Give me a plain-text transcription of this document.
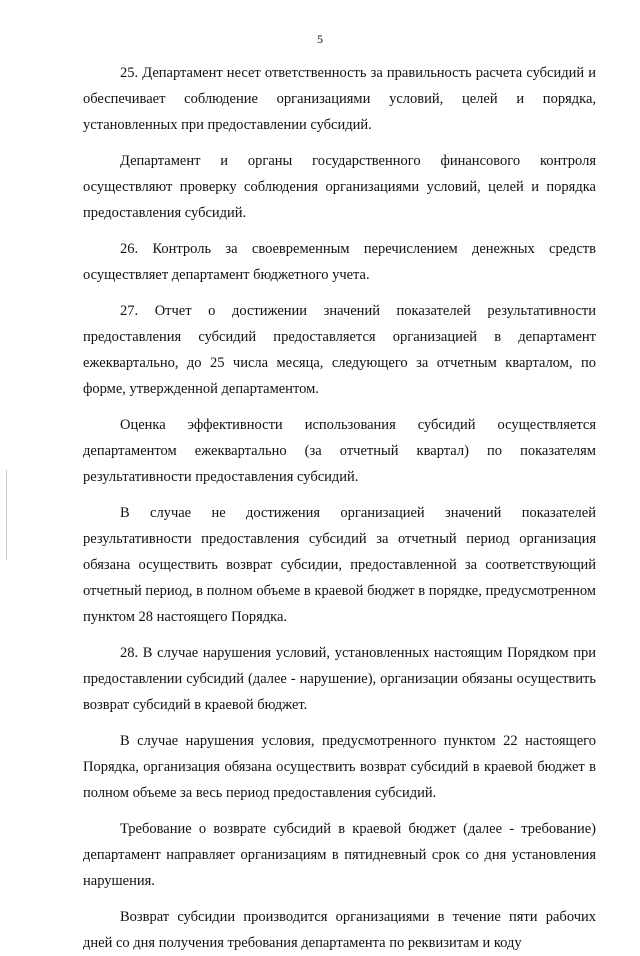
5

25. Департамент несет ответственность за правильность расчета субсидий и обеспечивает соблюдение организациями условий, целей и порядка, установленных при предоставлении субсидий.

Департамент и органы государственного финансового контроля осуществляют проверку соблюдения организациями условий, целей и порядка предоставления субсидий.

26. Контроль за своевременным перечислением денежных средств осуществляет департамент бюджетного учета.

27. Отчет о достижении значений показателей результативности предоставления субсидий предоставляется организацией в департамент ежеквартально, до 25 числа месяца, следующего за отчетным кварталом, по форме, утвержденной департаментом.

Оценка эффективности использования субсидий осуществляется департаментом ежеквартально (за отчетный квартал) по показателям результативности предоставления субсидий.

В случае не достижения организацией значений показателей результативности предоставления субсидий за отчетный период организация обязана осуществить возврат субсидии, предоставленной за соответствующий отчетный период, в полном объеме в краевой бюджет в порядке, предусмотренном пунктом 28 настоящего Порядка.

28. В случае нарушения условий, установленных настоящим Порядком при предоставлении субсидий (далее - нарушение), организации обязаны осуществить возврат субсидий в краевой бюджет.

В случае нарушения условия, предусмотренного пунктом 22 настоящего Порядка, организация обязана осуществить возврат субсидий в краевой бюджет в полном объеме за весь период предоставления субсидий.

Требование о возврате субсидий в краевой бюджет (далее - требование) департамент направляет организациям в пятидневный срок со дня установления нарушения.

Возврат субсидии производится организациями в течение пяти рабочих дней со дня получения требования департамента по реквизитам и коду
